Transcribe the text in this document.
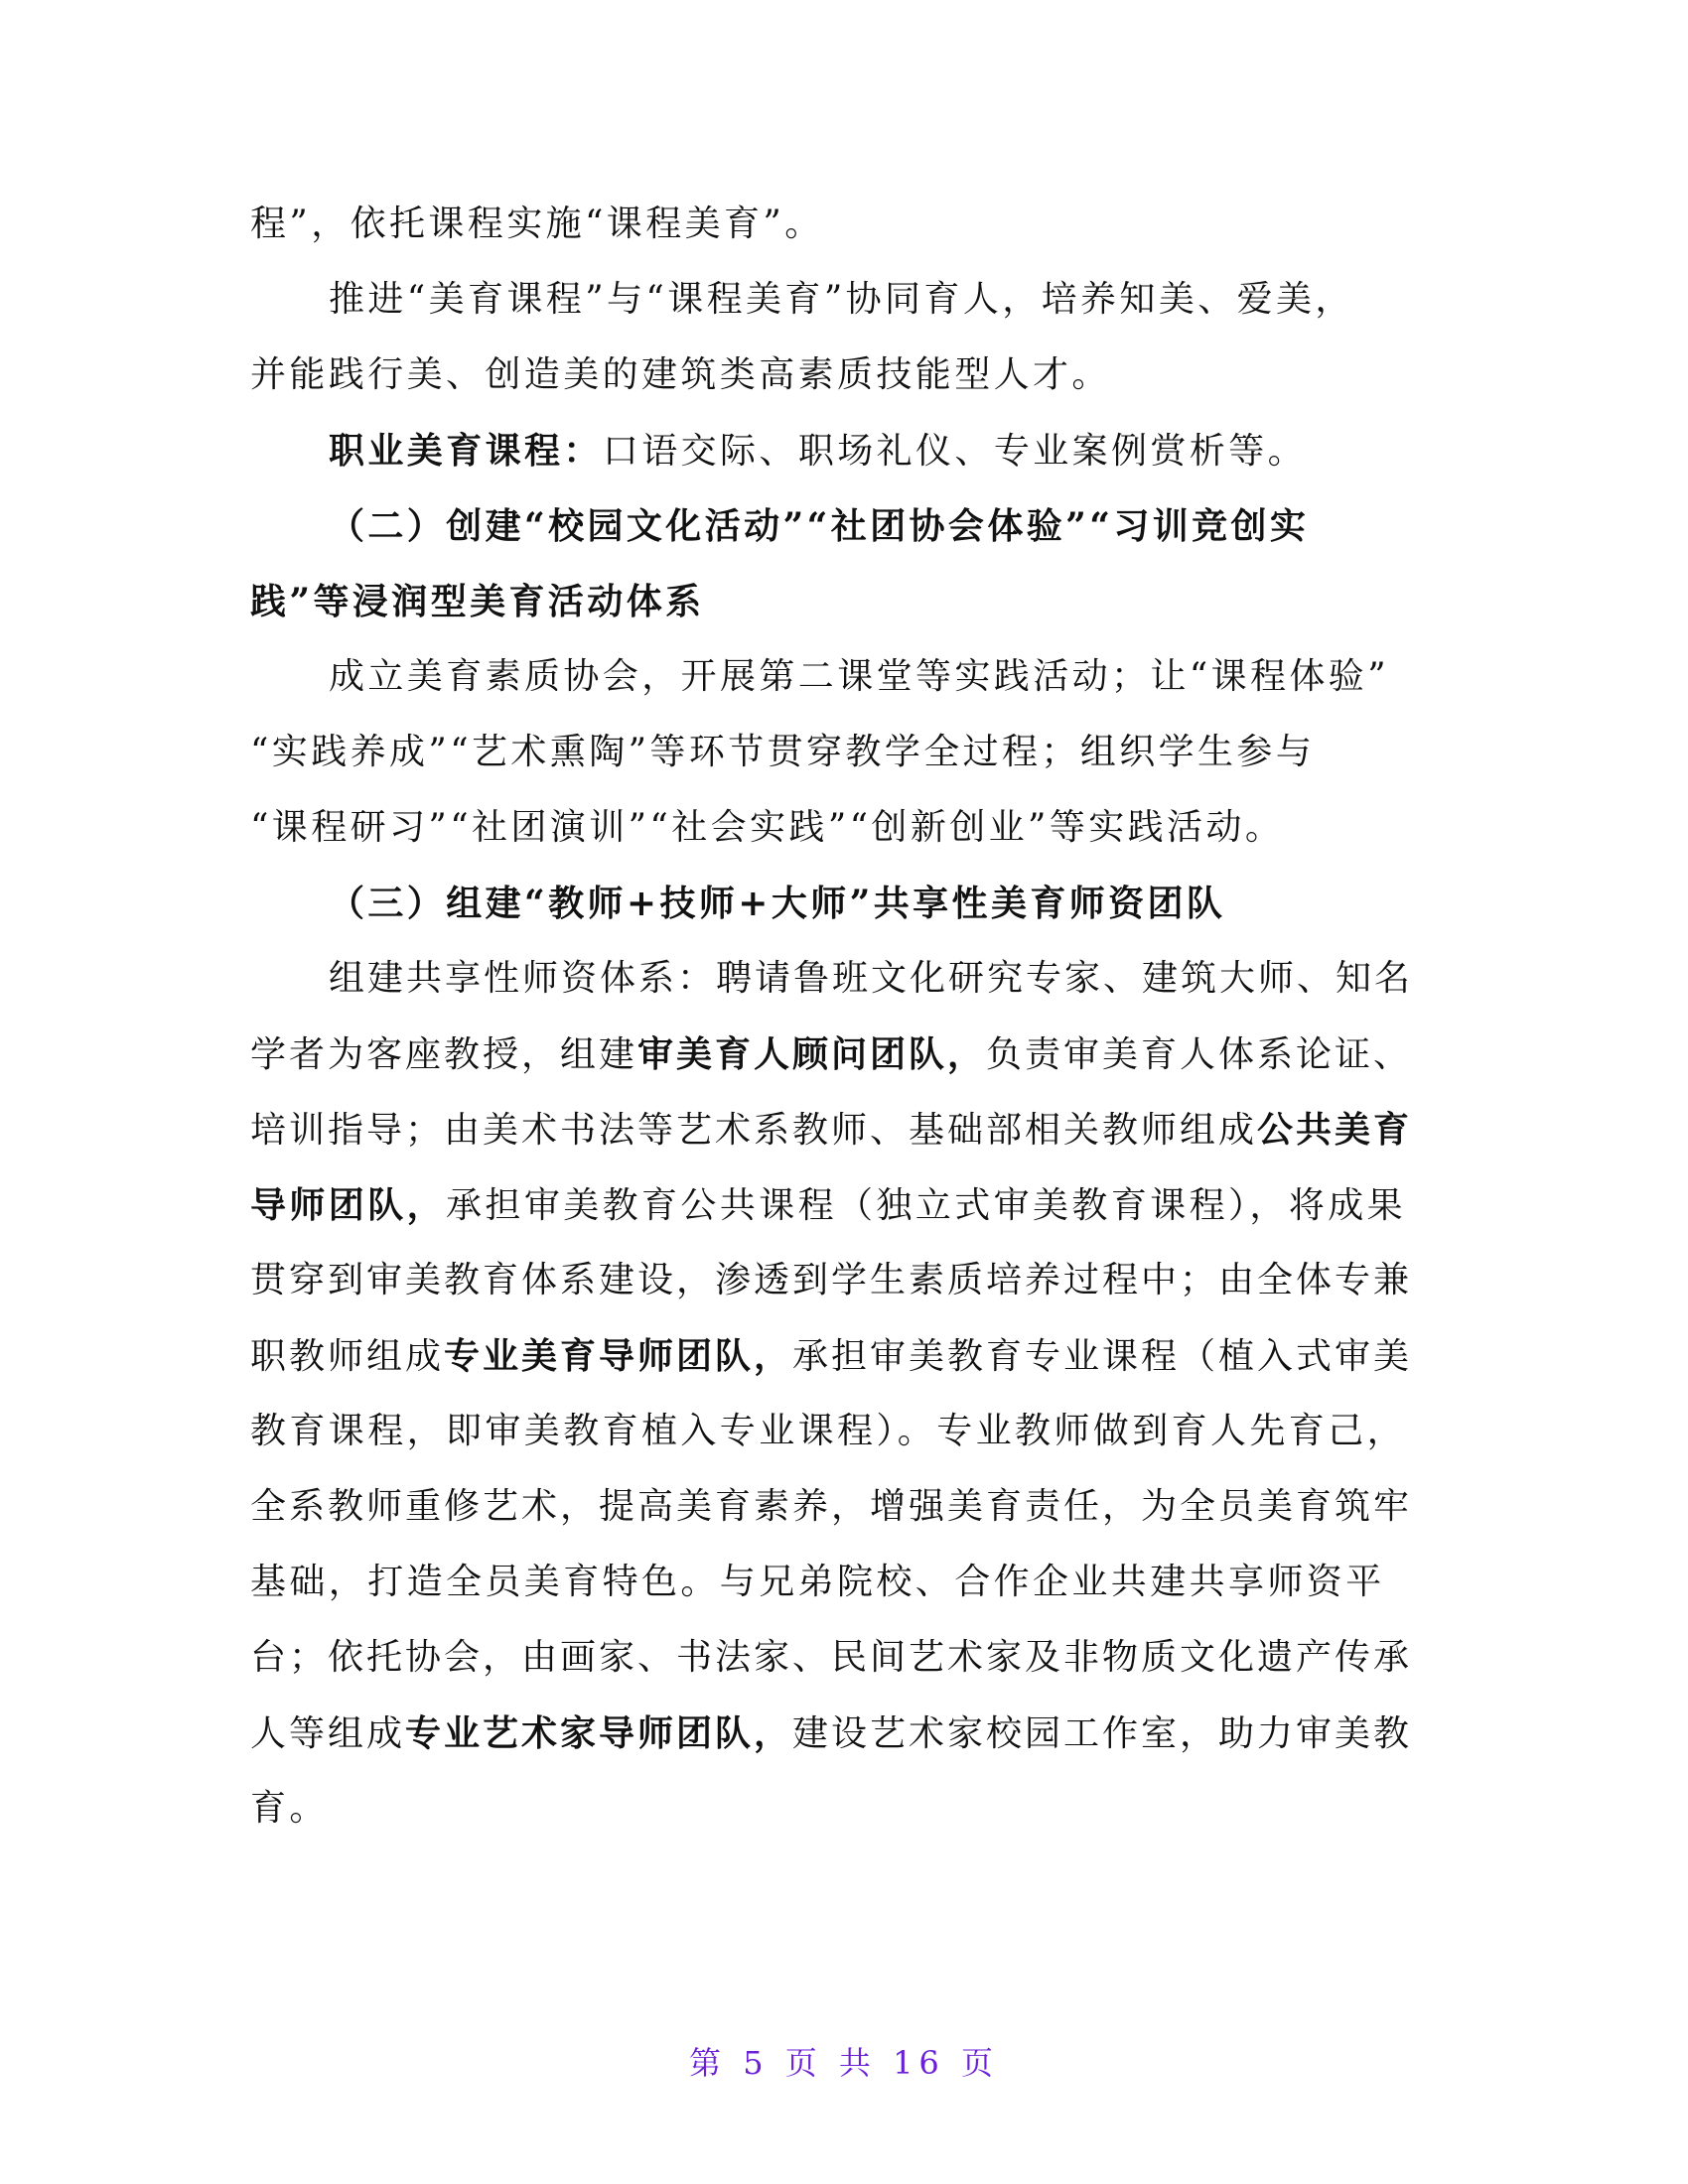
程”，依托课程实施“课程美育”。
推进“美育课程”与“课程美育”协同育人，培养知美、爱美，
并能践行美、创造美的建筑类高素质技能型人才。
职业美育课程：口语交际、职场礼仪、专业案例赏析等。
（二）创建“校园文化活动”“社团协会体验”“习训竞创实
践”等浸润型美育活动体系
成立美育素质协会，开展第二课堂等实践活动；让“课程体验”
“实践养成”“艺术熏陶”等环节贯穿教学全过程；组织学生参与
“课程研习”“社团演训”“社会实践”“创新创业”等实践活动。
（三）组建“教师+技师+大师”共享性美育师资团队
组建共享性师资体系：聘请鲁班文化研究专家、建筑大师、知名
学者为客座教授，组建审美育人顾问团队，负责审美育人体系论证、
培训指导；由美术书法等艺术系教师、基础部相关教师组成公共美育
导师团队，承担审美教育公共课程（独立式审美教育课程），将成果
贯穿到审美教育体系建设，渗透到学生素质培养过程中；由全体专兼
职教师组成专业美育导师团队，承担审美教育专业课程（植入式审美
教育课程，即审美教育植入专业课程）。专业教师做到育人先育己，
全系教师重修艺术，提高美育素养，增强美育责任，为全员美育筑牢
基础，打造全员美育特色。与兄弟院校、合作企业共建共享师资平
台；依托协会，由画家、书法家、民间艺术家及非物质文化遗产传承
人等组成专业艺术家导师团队，建设艺术家校园工作室，助力审美教
育。
第 5 页 共 16 页
